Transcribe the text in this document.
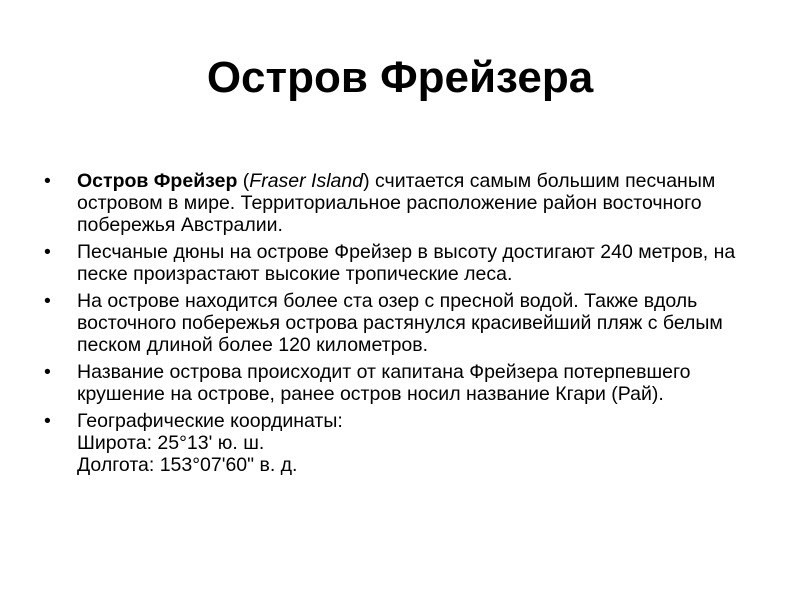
Остров Фрейзера
•	Остров Фрейзер (Fraser Island) считается самым большим песчаным островом в мире. Территориальное расположение район восточного побережья Австралии.
•	Песчаные дюны на острове Фрейзер в высоту достигают 240 метров, на песке произрастают высокие тропические леса.
•	На острове находится более ста озер с пресной водой. Также вдоль восточного побережья острова растянулся красивейший пляж с белым песком длиной более 120 километров.
•	Название острова происходит от капитана Фрейзера потерпевшего крушение на острове, ранее остров носил название Кгари (Рай).
•	Географические координаты:
Широта: 25°13' ю. ш.
Долгота: 153°07'60" в. д.
